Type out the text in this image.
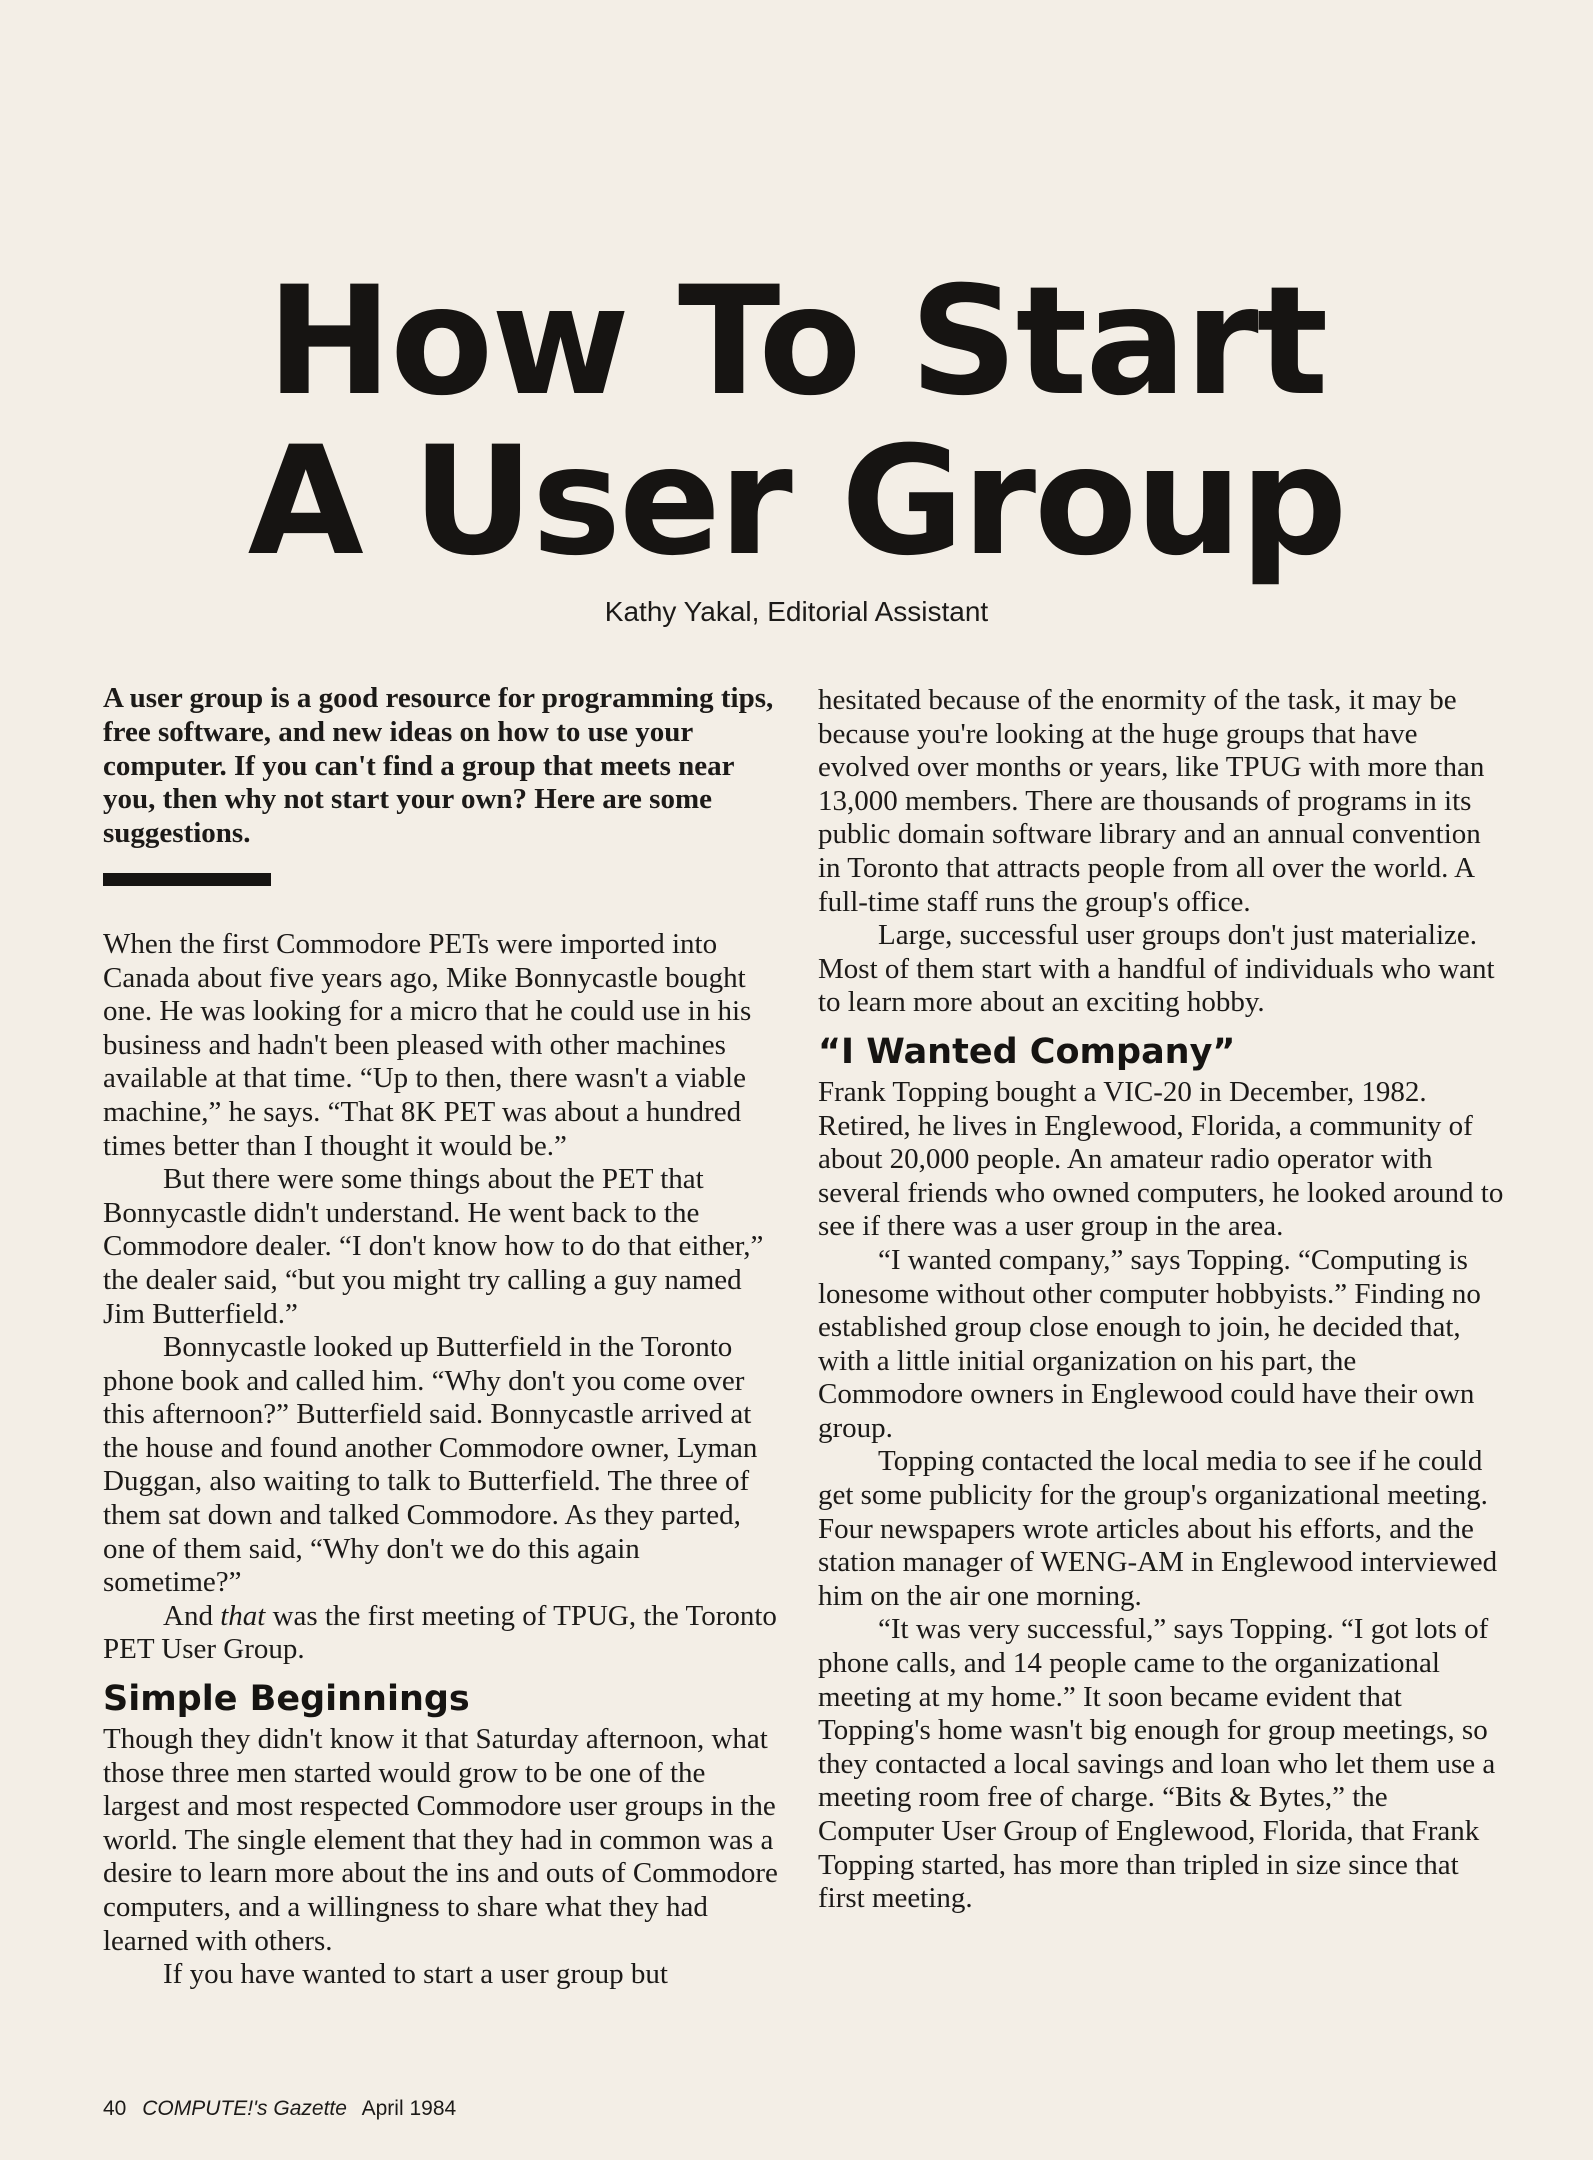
How To Start
A User Group
Kathy Yakal, Editorial Assistant

A user group is a good resource for programming tips, free software, and new ideas on how to use your computer. If you can't find a group that meets near you, then why not start your own? Here are some suggestions.

When the first Commodore PETs were imported into Canada about five years ago, Mike Bonnycastle bought one. He was looking for a micro that he could use in his business and hadn't been pleased with other machines available at that time. “Up to then, there wasn't a viable machine,” he says. “That 8K PET was about a hundred times better than I thought it would be.”

But there were some things about the PET that Bonnycastle didn't understand. He went back to the Commodore dealer. “I don't know how to do that either,” the dealer said, “but you might try calling a guy named Jim Butterfield.”

Bonnycastle looked up Butterfield in the Toronto phone book and called him. “Why don't you come over this afternoon?” Butterfield said. Bonnycastle arrived at the house and found another Commodore owner, Lyman Duggan, also waiting to talk to Butterfield. The three of them sat down and talked Commodore. As they parted, one of them said, “Why don't we do this again sometime?”

And that was the first meeting of TPUG, the Toronto PET User Group.

Simple Beginnings

Though they didn't know it that Saturday afternoon, what those three men started would grow to be one of the largest and most respected Commodore user groups in the world. The single element that they had in common was a desire to learn more about the ins and outs of Commodore computers, and a willingness to share what they had learned with others.

If you have wanted to start a user group but

hesitated because of the enormity of the task, it may be because you're looking at the huge groups that have evolved over months or years, like TPUG with more than 13,000 members. There are thousands of programs in its public domain software library and an annual convention in Toronto that attracts people from all over the world. A full-time staff runs the group's office.

Large, successful user groups don't just materialize. Most of them start with a handful of individuals who want to learn more about an exciting hobby.

“I Wanted Company”

Frank Topping bought a VIC-20 in December, 1982. Retired, he lives in Englewood, Florida, a community of about 20,000 people. An amateur radio operator with several friends who owned computers, he looked around to see if there was a user group in the area.

“I wanted company,” says Topping. “Computing is lonesome without other computer hobbyists.” Finding no established group close enough to join, he decided that, with a little initial organization on his part, the Commodore owners in Englewood could have their own group.

Topping contacted the local media to see if he could get some publicity for the group's organizational meeting. Four newspapers wrote articles about his efforts, and the station manager of WENG-AM in Englewood interviewed him on the air one morning.

“It was very successful,” says Topping. “I got lots of phone calls, and 14 people came to the organizational meeting at my home.” It soon became evident that Topping's home wasn't big enough for group meetings, so they contacted a local savings and loan who let them use a meeting room free of charge. “Bits & Bytes,” the Computer User Group of Englewood, Florida, that Frank Topping started, has more than tripled in size since that first meeting.

40 COMPUTE!'s Gazette April 1984
